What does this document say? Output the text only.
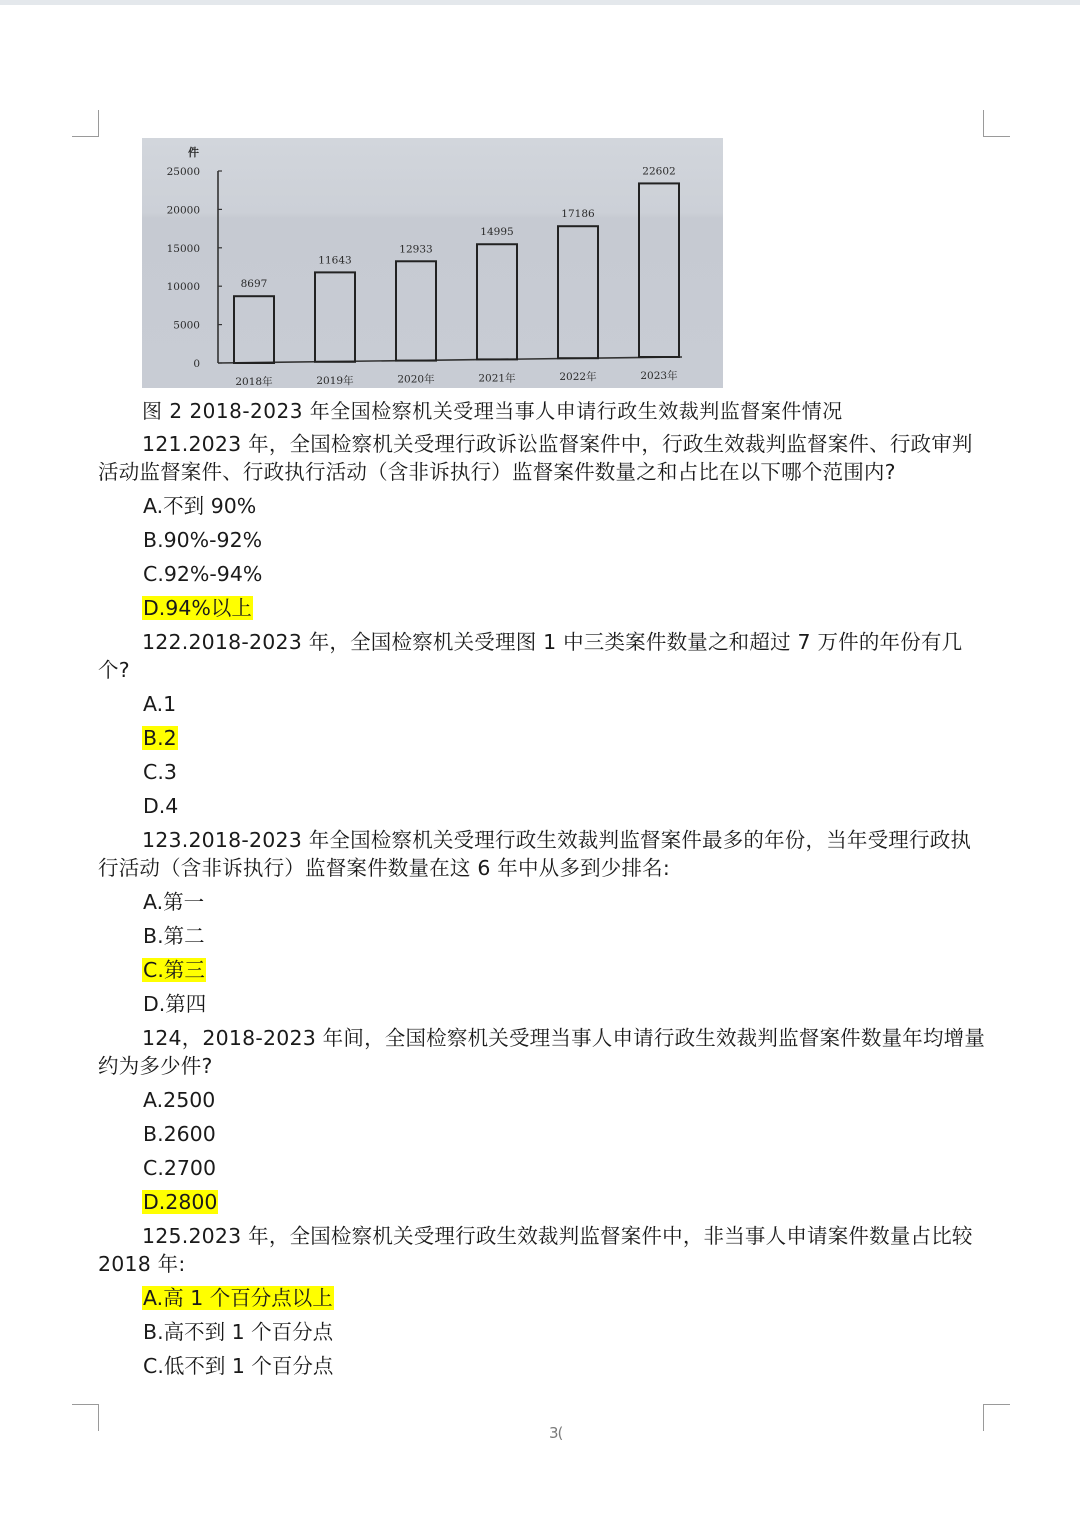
件
0
5000
10000
15000
20000
25000
8697
2018年
11643
2019年
12933
2020年
14995
2021年
17186
2022年
22602
2023年
图 2 2018-2023 年全国检察机关受理当事人申请行政生效裁判监督案件情况
121.2023 年，全国检察机关受理行政诉讼监督案件中，行政生效裁判监督案件、行政审判活动监督案件、行政执行活动（含非诉执行）监督案件数量之和占比在以下哪个范围内?
A.不到 90%
B.90%-92%
C.92%-94%
D.94%以上
122.2018-2023 年，全国检察机关受理图 1 中三类案件数量之和超过 7 万件的年份有几个?
A.1
B.2
C.3
D.4
123.2018-2023 年全国检察机关受理行政生效裁判监督案件最多的年份，当年受理行政执行活动（含非诉执行）监督案件数量在这 6 年中从多到少排名:
A.第一
B.第二
C.第三
D.第四
124，2018-2023 年间，全国检察机关受理当事人申请行政生效裁判监督案件数量年均增量约为多少件?
A.2500
B.2600
C.2700
D.2800
125.2023 年，全国检察机关受理行政生效裁判监督案件中，非当事人申请案件数量占比较 2018 年:
A.高 1 个百分点以上
B.高不到 1 个百分点
C.低不到 1 个百分点
3(
